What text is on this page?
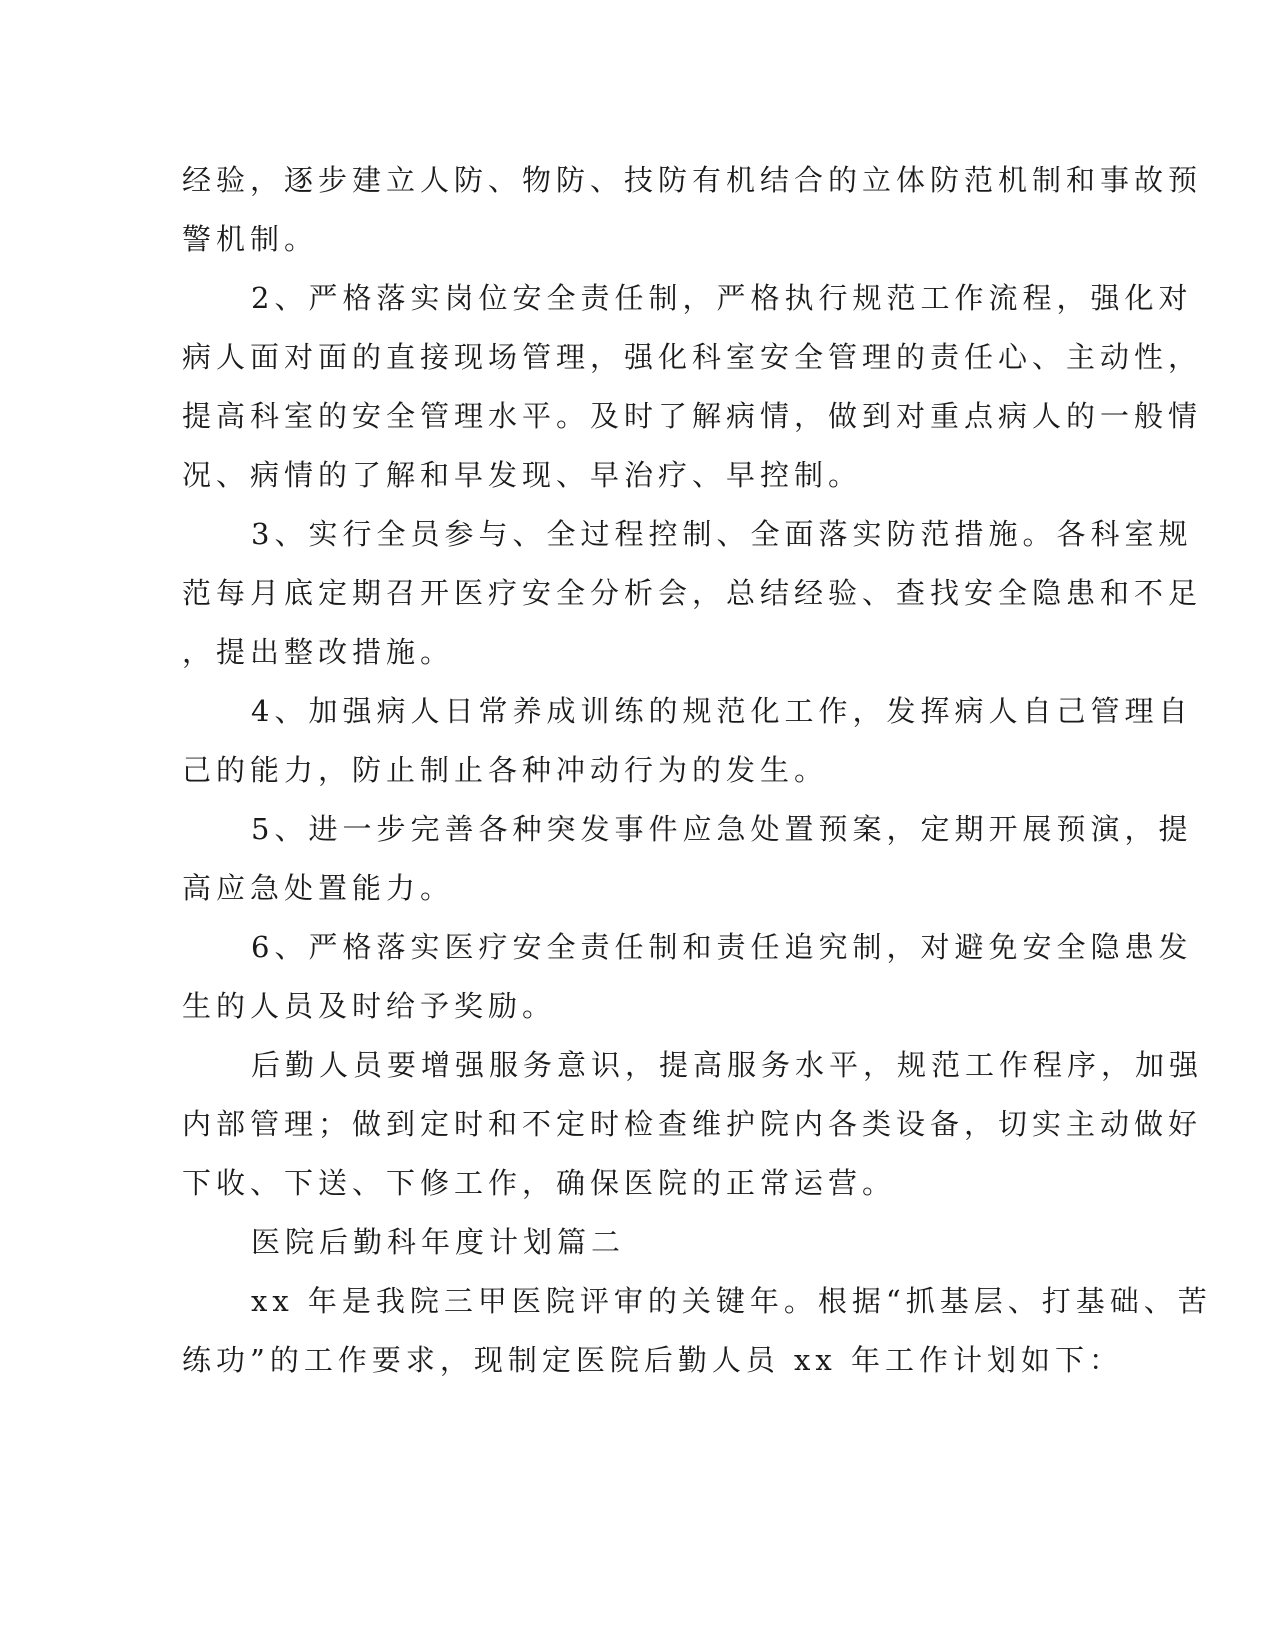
经验，逐步建立人防、物防、技防有机结合的立体防范机制和事故预
警机制。
2、严格落实岗位安全责任制，严格执行规范工作流程，强化对
病人面对面的直接现场管理，强化科室安全管理的责任心、主动性，
提高科室的安全管理水平。及时了解病情，做到对重点病人的一般情
况、病情的了解和早发现、早治疗、早控制。
3、实行全员参与、全过程控制、全面落实防范措施。各科室规
范每月底定期召开医疗安全分析会，总结经验、查找安全隐患和不足
，提出整改措施。
4、加强病人日常养成训练的规范化工作，发挥病人自己管理自
己的能力，防止制止各种冲动行为的发生。
5、进一步完善各种突发事件应急处置预案，定期开展预演，提
高应急处置能力。
6、严格落实医疗安全责任制和责任追究制，对避免安全隐患发
生的人员及时给予奖励。
后勤人员要增强服务意识，提高服务水平，规范工作程序，加强
内部管理；做到定时和不定时检查维护院内各类设备，切实主动做好
下收、下送、下修工作，确保医院的正常运营。
医院后勤科年度计划篇二
xx 年是我院三甲医院评审的关键年。根据“抓基层、打基础、苦
练功”的工作要求，现制定医院后勤人员 xx 年工作计划如下：
